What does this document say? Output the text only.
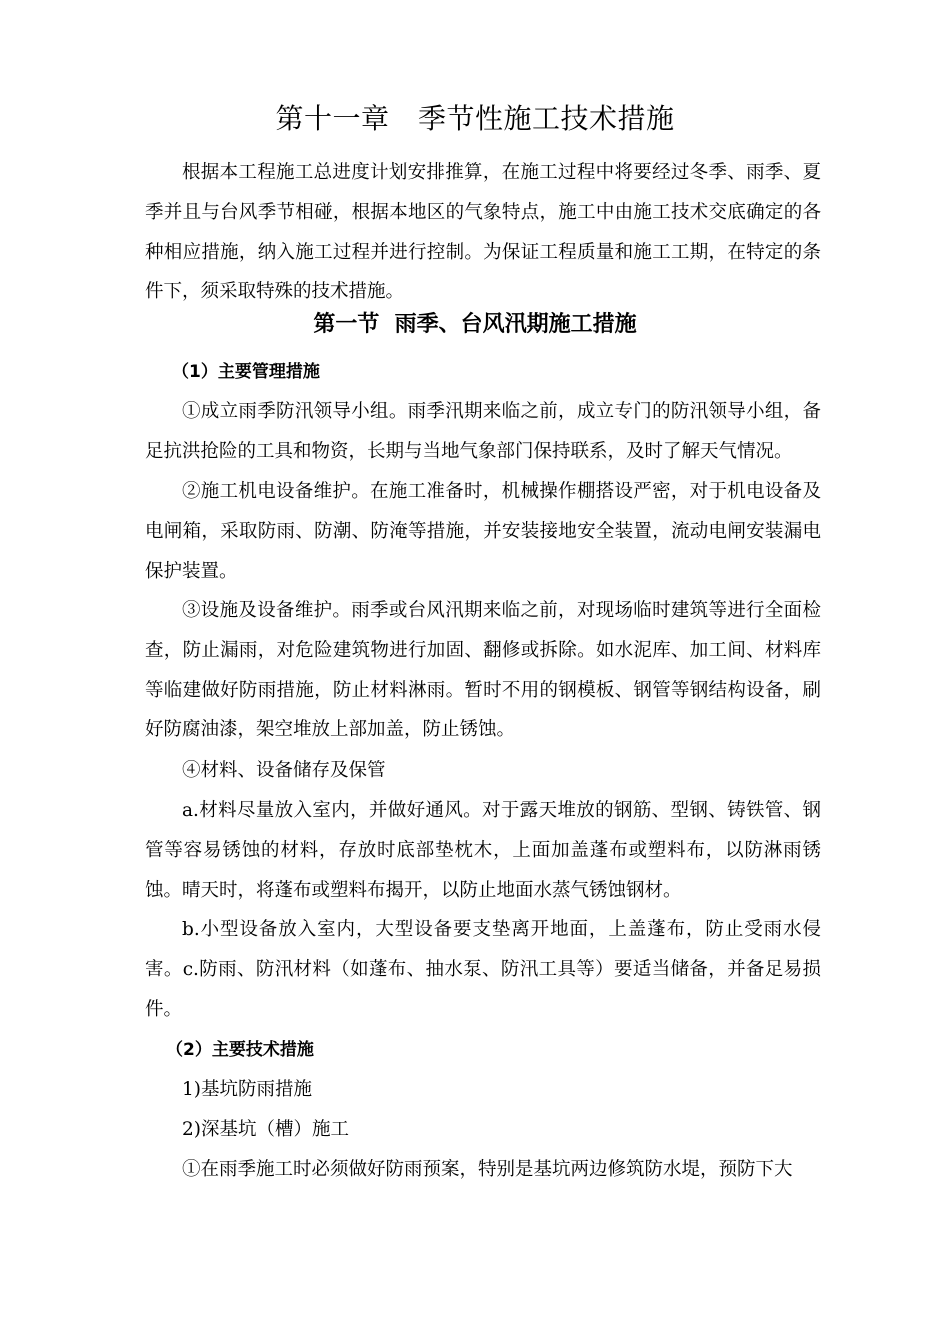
第十一章　季节性施工技术措施
根据本工程施工总进度计划安排推算，在施工过程中将要经过冬季、雨季、夏季并且与台风季节相碰，根据本地区的气象特点，施工中由施工技术交底确定的各种相应措施，纳入施工过程并进行控制。为保证工程质量和施工工期，在特定的条件下，须采取特殊的技术措施。
第一节  雨季、台风汛期施工措施
（1）主要管理措施
①成立雨季防汛领导小组。雨季汛期来临之前，成立专门的防汛领导小组，备足抗洪抢险的工具和物资，长期与当地气象部门保持联系，及时了解天气情况。
②施工机电设备维护。在施工准备时，机械操作棚搭设严密，对于机电设备及电闸箱，采取防雨、防潮、防淹等措施，并安装接地安全装置，流动电闸安装漏电保护装置。
③设施及设备维护。雨季或台风汛期来临之前，对现场临时建筑等进行全面检查，防止漏雨，对危险建筑物进行加固、翻修或拆除。如水泥库、加工间、材料库等临建做好防雨措施，防止材料淋雨。暂时不用的钢模板、钢管等钢结构设备，刷好防腐油漆，架空堆放上部加盖，防止锈蚀。
④材料、设备储存及保管
a.材料尽量放入室内，并做好通风。对于露天堆放的钢筋、型钢、铸铁管、钢管等容易锈蚀的材料，存放时底部垫枕木，上面加盖蓬布或塑料布，以防淋雨锈蚀。晴天时，将蓬布或塑料布揭开，以防止地面水蒸气锈蚀钢材。
b.小型设备放入室内，大型设备要支垫离开地面，上盖蓬布，防止受雨水侵害。c.防雨、防汛材料（如蓬布、抽水泵、防汛工具等）要适当储备，并备足易损件。
（2）主要技术措施
1)基坑防雨措施
2)深基坑（槽）施工
①在雨季施工时必须做好防雨预案，特别是基坑两边修筑防水堤，预防下大
